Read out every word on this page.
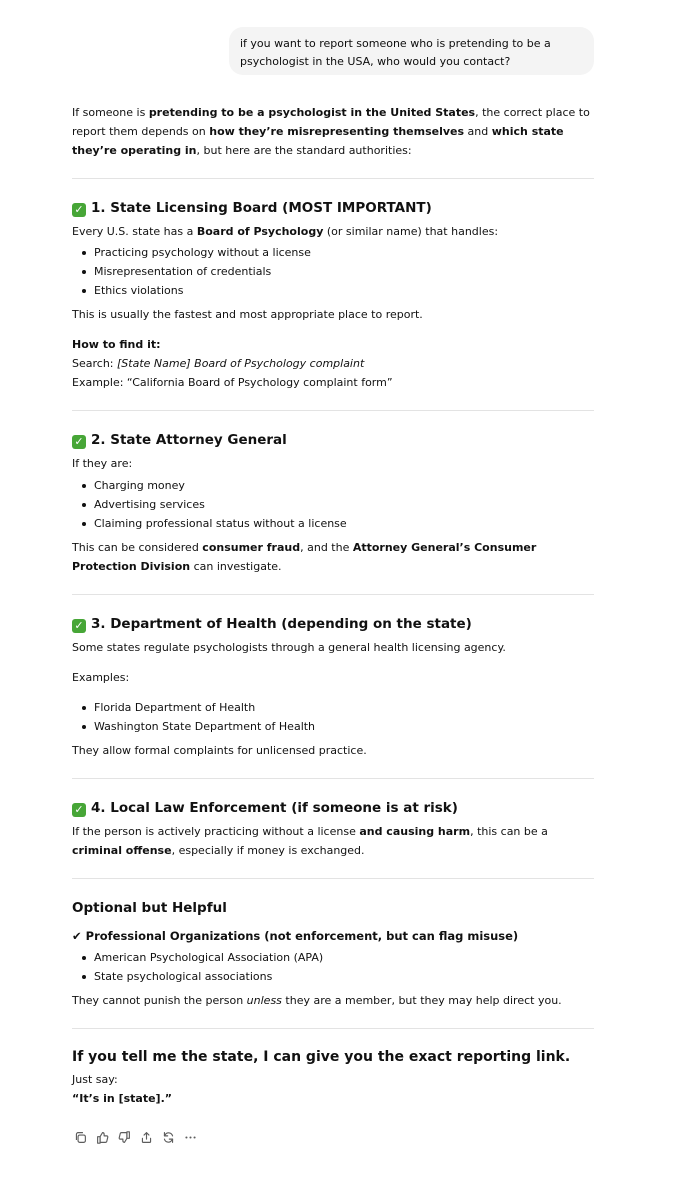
if you want to report someone who is pretending to be a psychologist in the USA, who would you contact?

If someone is pretending to be a psychologist in the United States, the correct place to report them depends on how they’re misrepresenting themselves and which state they’re operating in, but here are the standard authorities:

✓ 1. State Licensing Board (MOST IMPORTANT)

Every U.S. state has a Board of Psychology (or similar name) that handles:

Practicing psychology without a license
Misrepresentation of credentials
Ethics violations

This is usually the fastest and most appropriate place to report.

How to find it:

Search: [State Name] Board of Psychology complaint

Example: “California Board of Psychology complaint form”

✓ 2. State Attorney General

If they are:

Charging money
Advertising services
Claiming professional status without a license

This can be considered consumer fraud, and the Attorney General’s Consumer Protection Division can investigate.

✓ 3. Department of Health (depending on the state)

Some states regulate psychologists through a general health licensing agency.

Examples:

Florida Department of Health
Washington State Department of Health

They allow formal complaints for unlicensed practice.

✓ 4. Local Law Enforcement (if someone is at risk)

If the person is actively practicing without a license and causing harm, this can be a criminal offense, especially if money is exchanged.

Optional but Helpful

✔ Professional Organizations (not enforcement, but can flag misuse)

American Psychological Association (APA)
State psychological associations

They cannot punish the person unless they are a member, but they may help direct you.

If you tell me the state, I can give you the exact reporting link.

Just say:

“It’s in [state].”
